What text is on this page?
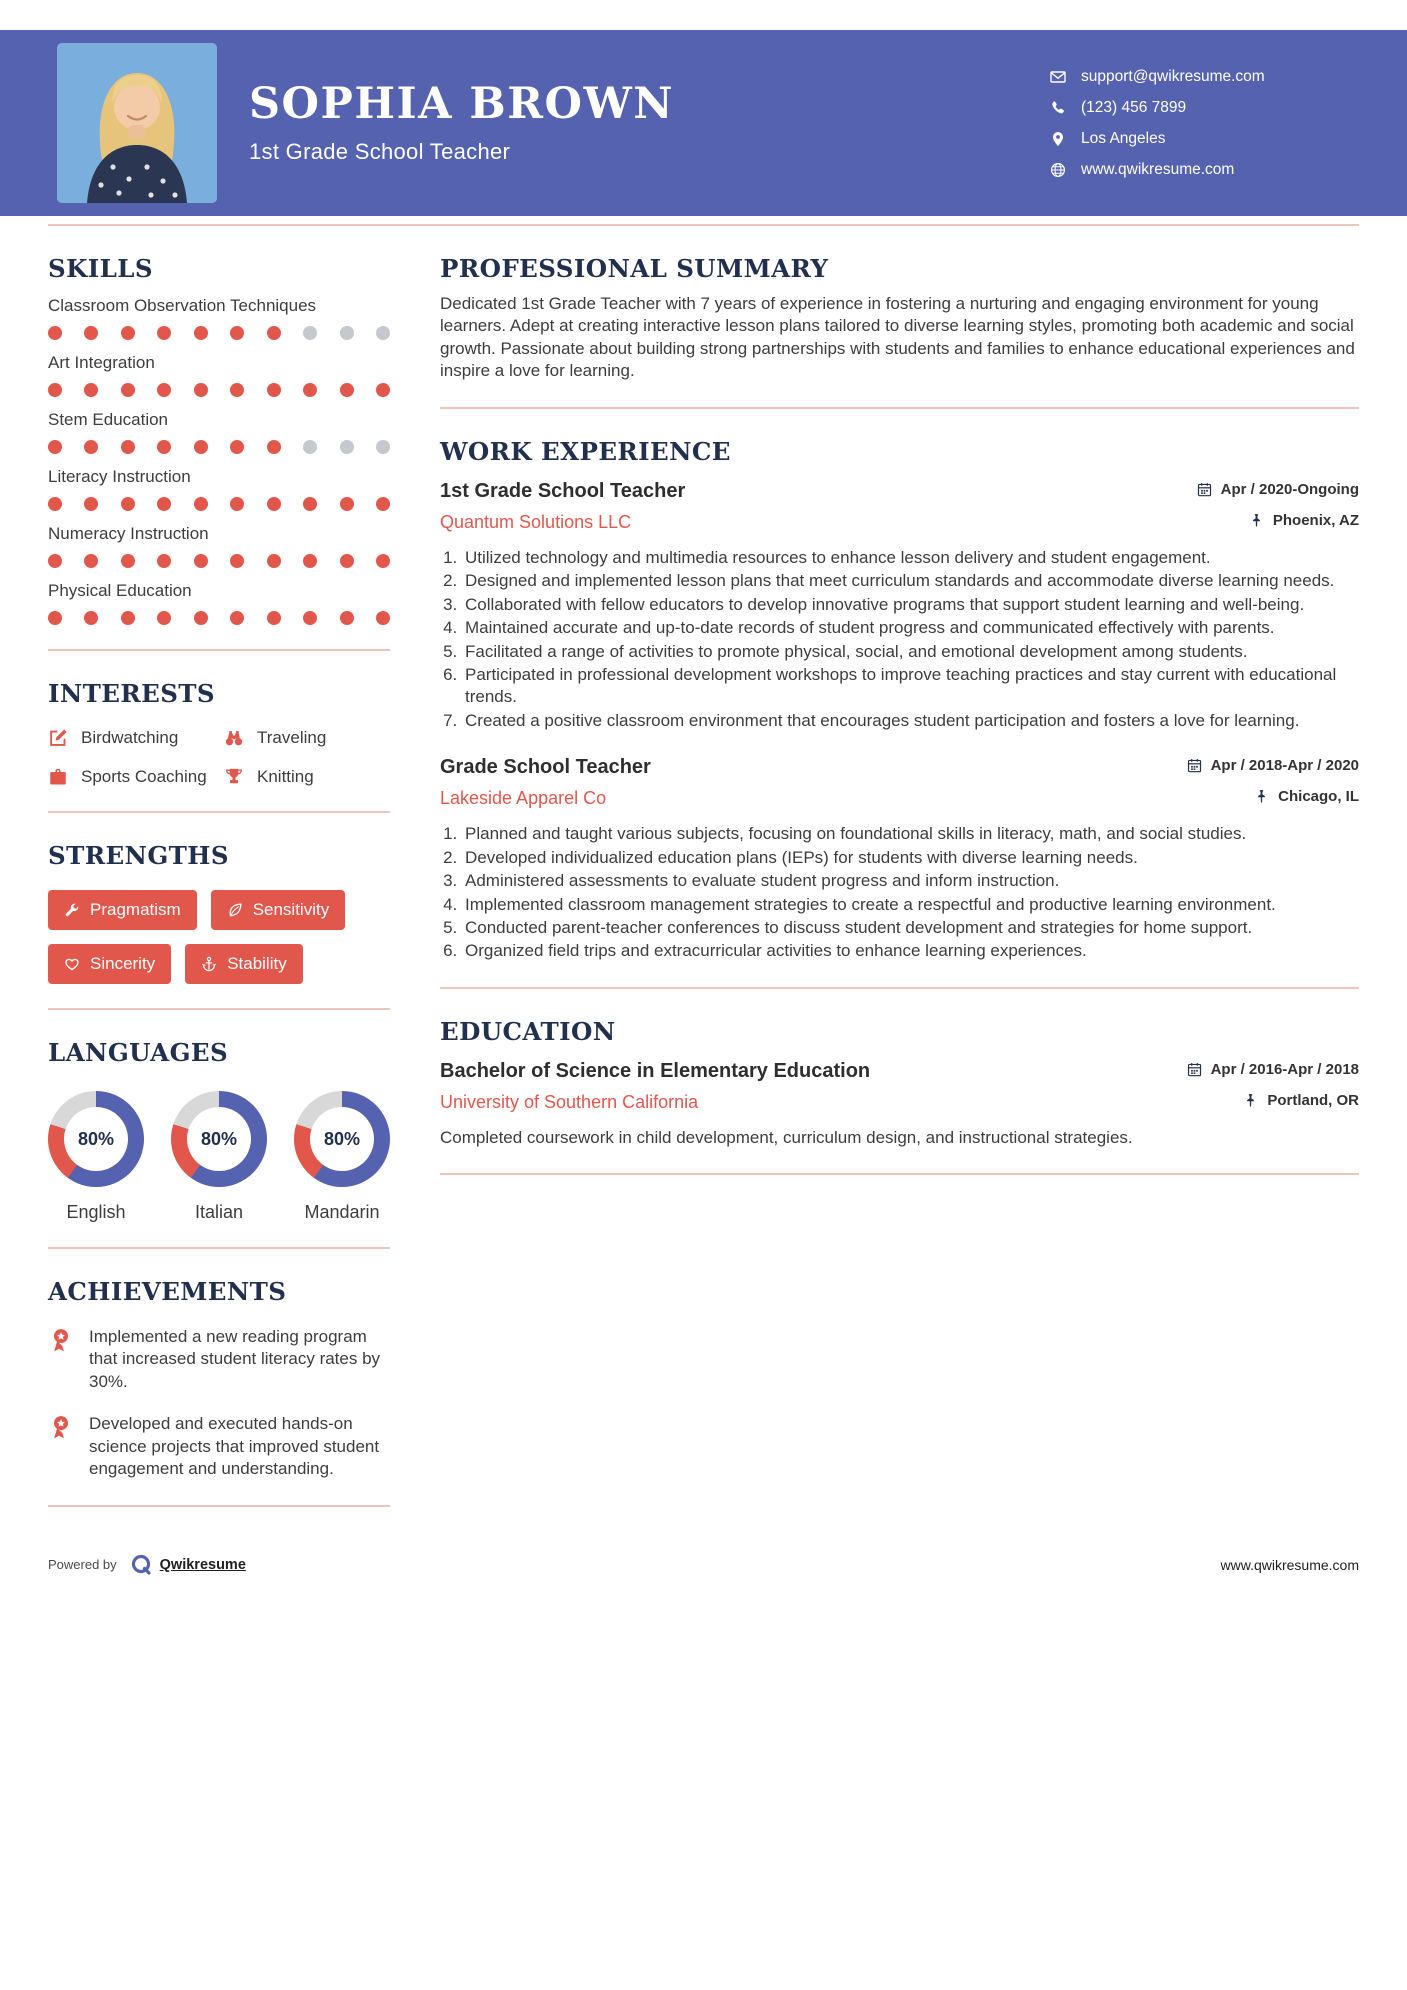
SOPHIA BROWN
1st Grade School Teacher
support@qwikresume.com
(123) 456 7899
Los Angeles
www.qwikresume.com
SKILLS
Classroom Observation Techniques
Art Integration
Stem Education
Literacy Instruction
Numeracy Instruction
Physical Education
INTERESTS
Birdwatching	Traveling
Sports Coaching	Knitting
STRENGTHS
Pragmatism	Sensitivity
Sincerity	Stability
LANGUAGES
80%
English
80%
Italian
80%
Mandarin
ACHIEVEMENTS
Implemented a new reading program that increased student literacy rates by 30%.
Developed and executed hands-on science projects that improved student engagement and understanding.
PROFESSIONAL SUMMARY

Dedicated 1st Grade Teacher with 7 years of experience in fostering a nurturing and engaging environment for young learners. Adept at creating interactive lesson plans tailored to diverse learning styles, promoting both academic and social growth. Passionate about building strong partnerships with students and families to enhance educational experiences and inspire a love for learning.

WORK EXPERIENCE
1st Grade School Teacher	Apr / 2020-Ongoing
Quantum Solutions LLC	Phoenix, AZ
1. Utilized technology and multimedia resources to enhance lesson delivery and student engagement.
2. Designed and implemented lesson plans that meet curriculum standards and accommodate diverse learning needs.
3. Collaborated with fellow educators to develop innovative programs that support student learning and well-being.
4. Maintained accurate and up-to-date records of student progress and communicated effectively with parents.
5. Facilitated a range of activities to promote physical, social, and emotional development among students.
6. Participated in professional development workshops to improve teaching practices and stay current with educational trends.
7. Created a positive classroom environment that encourages student participation and fosters a love for learning.
Grade School Teacher	Apr / 2018-Apr / 2020
Lakeside Apparel Co	Chicago, IL
1. Planned and taught various subjects, focusing on foundational skills in literacy, math, and social studies.
2. Developed individualized education plans (IEPs) for students with diverse learning needs.
3. Administered assessments to evaluate student progress and inform instruction.
4. Implemented classroom management strategies to create a respectful and productive learning environment.
5. Conducted parent-teacher conferences to discuss student development and strategies for home support.
6. Organized field trips and extracurricular activities to enhance learning experiences.
EDUCATION
Bachelor of Science in Elementary Education	Apr / 2016-Apr / 2018
University of Southern California	Portland, OR

Completed coursework in child development, curriculum design, and instructional strategies.

Powered by	Qwikresume	www.qwikresume.com
